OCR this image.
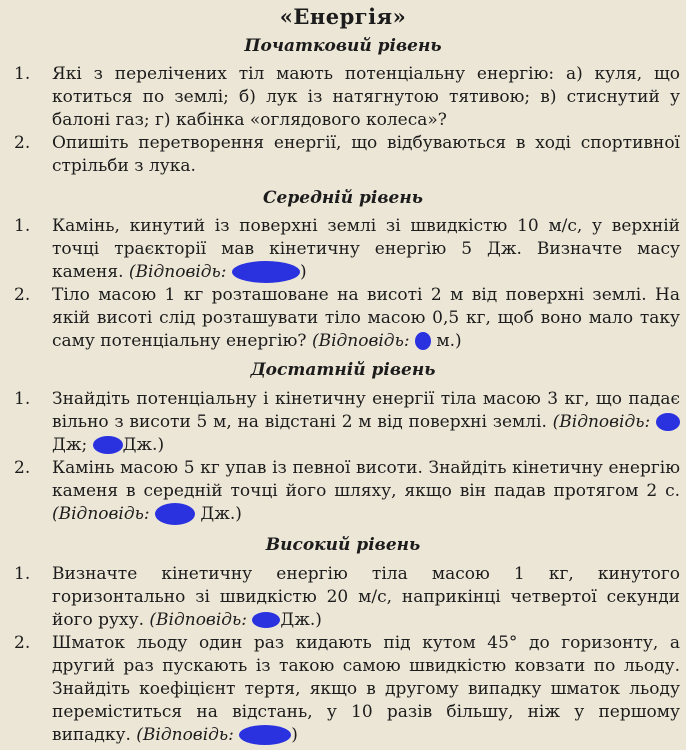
«Енергія»
Початковий рівень
1. Які з перелічених тіл мають потенціальну енергію: а) куля, що котиться по землі; б) лук із натягнутою тятивою; в) стиснутий у балоні газ; г) кабінка «оглядового колеса»?
2. Опишіть перетворення енергії, що відбуваються в ході спортивної стрільби з лука.
Середній рівень
1. Камінь, кинутий із поверхні землі зі швидкістю 10 м/с, у верхній точці траєкторії мав кінетичну енергію 5 Дж. Визначте масу каменя. (Відповідь:	)
2. Тіло масою 1 кг розташоване на висоті 2 м від поверхні землі. На якій висоті слід розташувати тіло масою 0,5 кг, щоб воно мало таку саму потенціальну енергію? (Відповідь: м.)
Достатній рівень
1. Знайдіть потенціальну і кінетичну енергії тіла масою 3 кг, що падає вільно з висоти 5 м, на відстані 2 м від поверхні землі. (Відповідь:  Дж; Дж.)
2. Камінь масою 5 кг упав із певної висоти. Знайдіть кінетичну енергію каменя в середній точці його шляху, якщо він падав протягом 2 с. (Відповідь:	Дж.)
Високий рівень
1. Визначте кінетичну енергію тіла масою 1 кг, кинутого горизонтально зі швидкістю 20 м/с, наприкінці четвертої секунди його руху. (Відповідь: Дж.)
2. Шматок льоду один раз кидають під кутом 45° до горизонту, а другий раз пускають із такою самою швидкістю ковзати по льоду. Знайдіть коефіцієнт тертя, якщо в другому випадку шматок льоду переміститься на відстань, у 10 разів більшу, ніж у першому випадку. (Відповідь:	)
